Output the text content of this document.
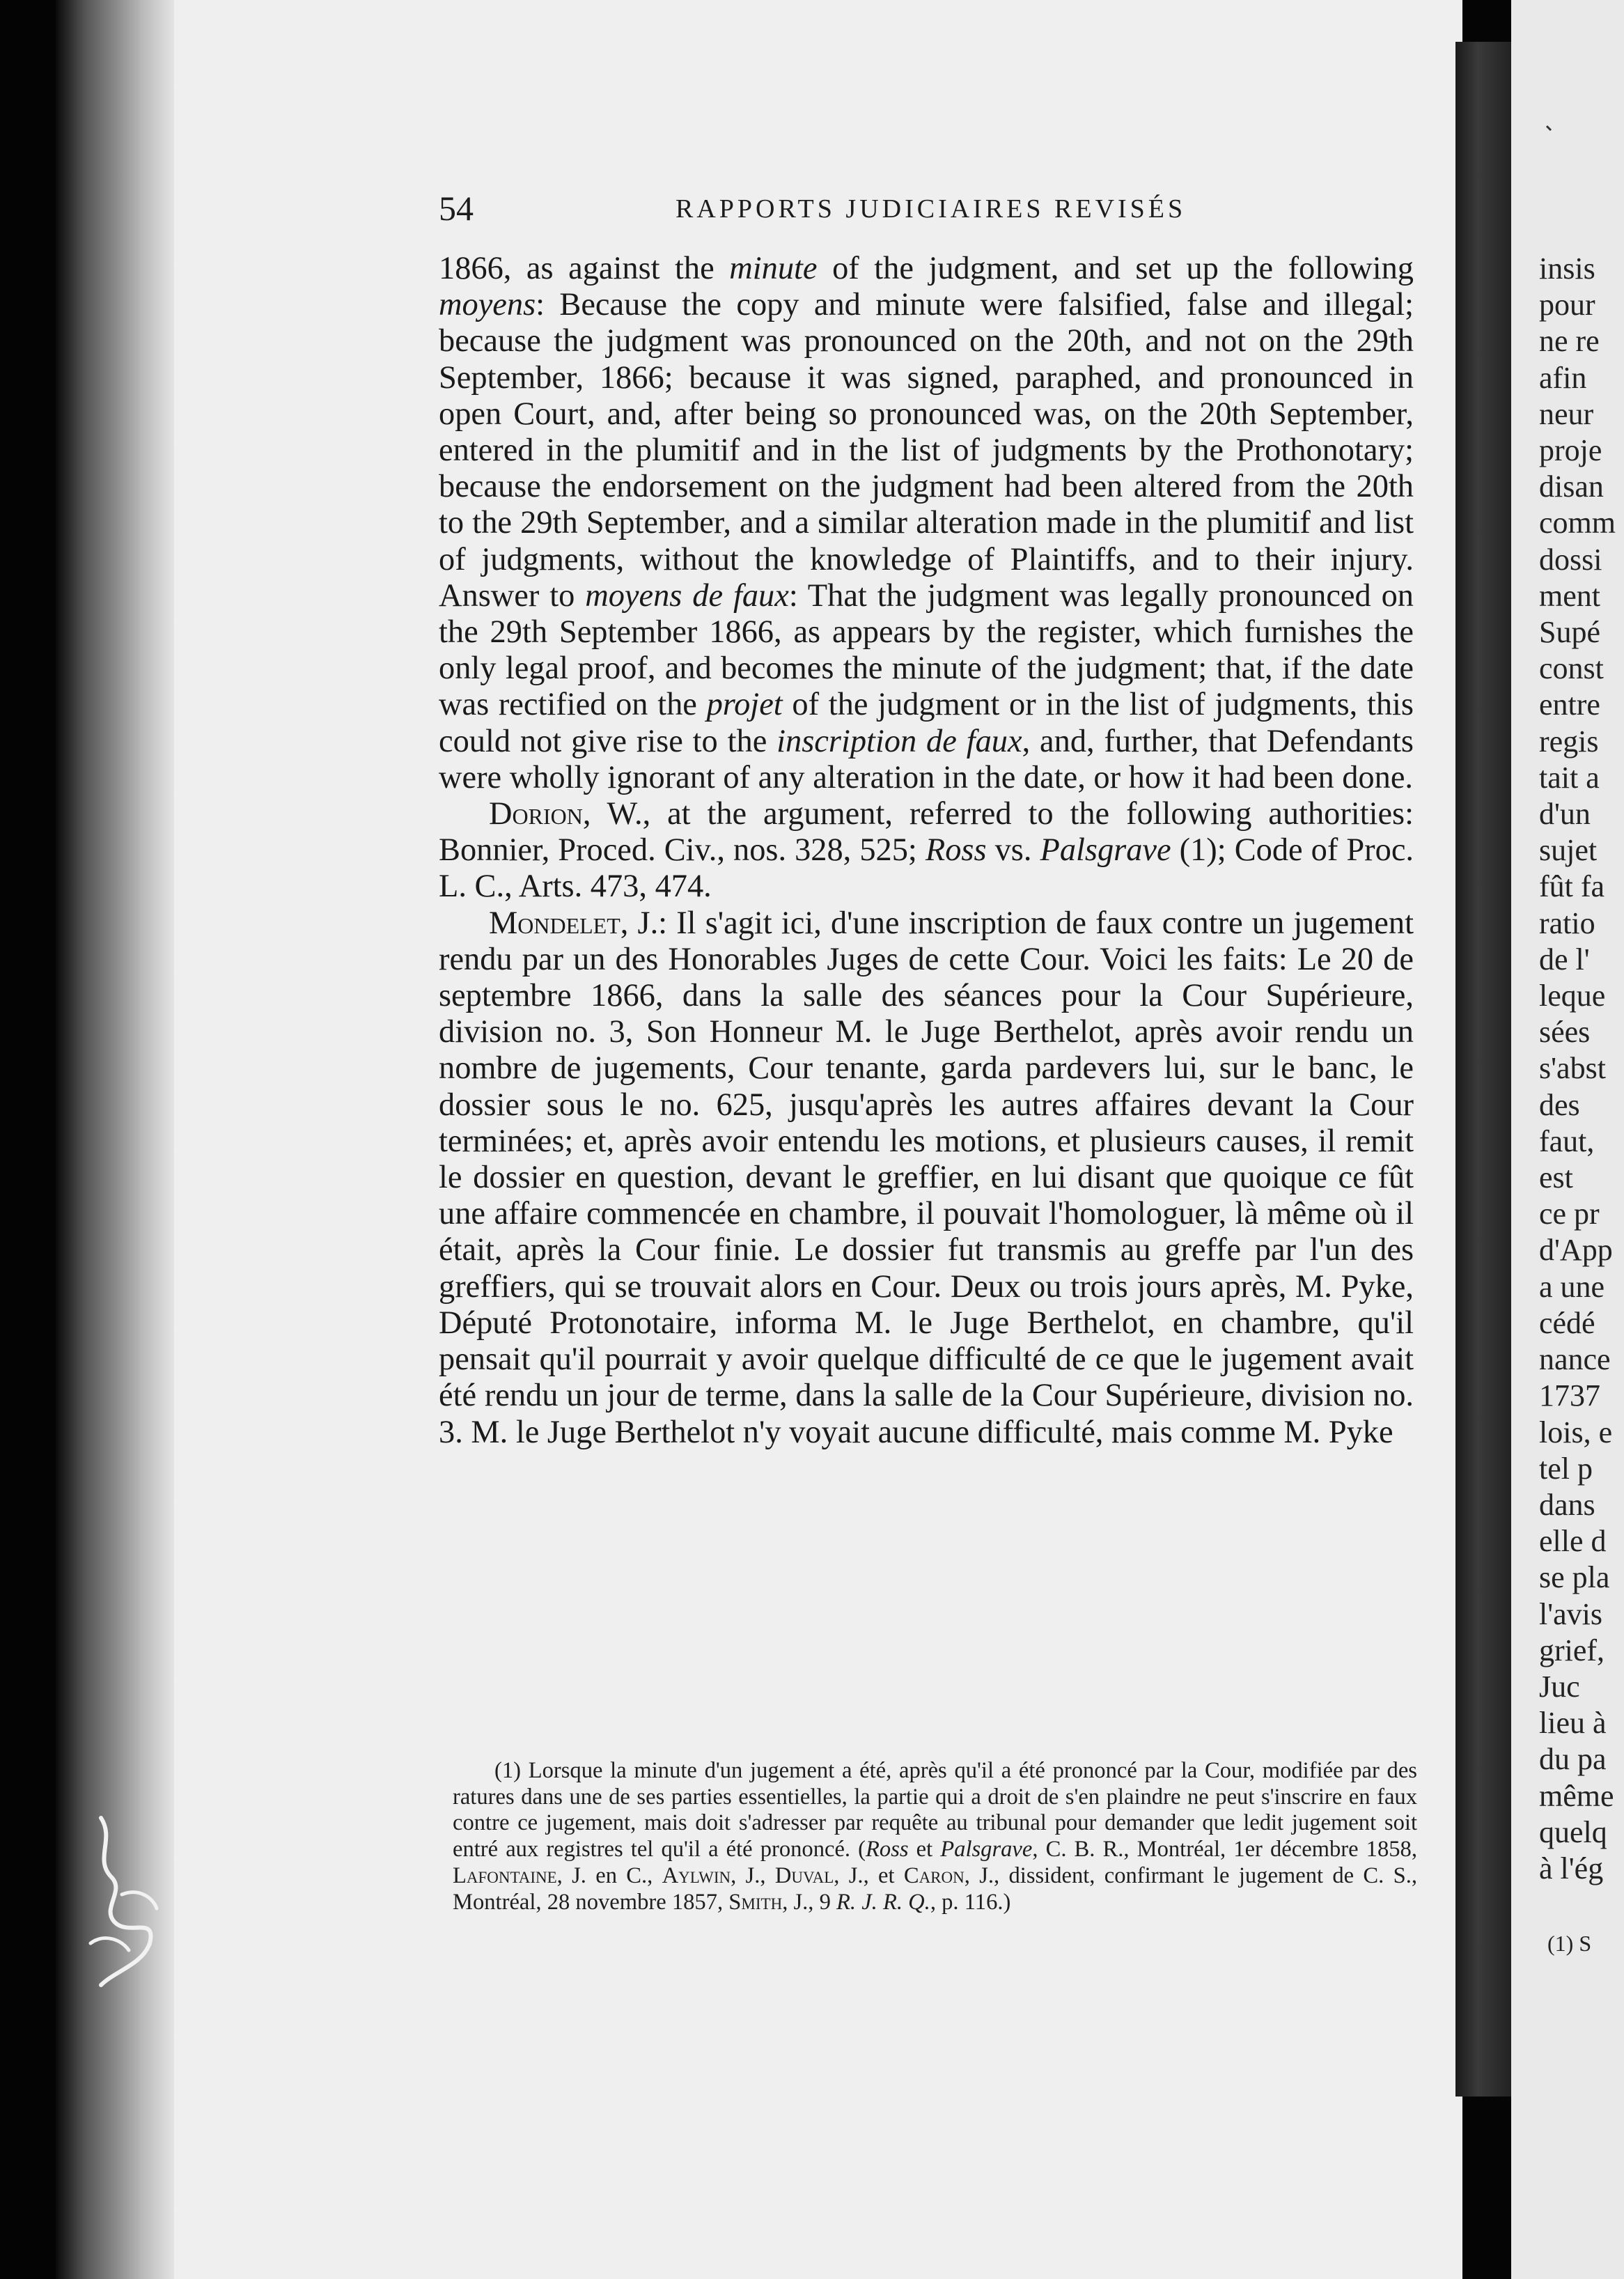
54	RAPPORTS JUDICIAIRES REVISÉS

1866, as against the minute of the judgment, and set up the following moyens: Because the copy and minute were falsified, false and illegal; because the judgment was pronounced on the 20th, and not on the 29th September, 1866; because it was signed, paraphed, and pronounced in open Court, and, after being so pronounced was, on the 20th September, entered in the plumitif and in the list of judgments by the Prothonotary; because the endorsement on the judgment had been altered from the 20th to the 29th September, and a similar alteration made in the plumitif and list of judgments, without the knowledge of Plaintiffs, and to their injury. Answer to moyens de faux: That the judgment was legally pronounced on the 29th September 1866, as appears by the register, which furnishes the only legal proof, and becomes the minute of the judgment; that, if the date was rectified on the projet of the judgment or in the list of judgments, this could not give rise to the inscription de faux, and, further, that Defendants were wholly ignorant of any alteration in the date, or how it had been done.

Dorion, W., at the argument, referred to the following authorities: Bonnier, Proced. Civ., nos. 328, 525; Ross vs. Palsgrave (1); Code of Proc. L. C., Arts. 473, 474.

Mondelet, J.: Il s'agit ici, d'une inscription de faux contre un jugement rendu par un des Honorables Juges de cette Cour. Voici les faits: Le 20 de septembre 1866, dans la salle des séances pour la Cour Supérieure, division no. 3, Son Honneur M. le Juge Berthelot, après avoir rendu un nombre de jugements, Cour tenante, garda pardevers lui, sur le banc, le dossier sous le no. 625, jusqu'après les autres affaires devant la Cour terminées; et, après avoir entendu les motions, et plusieurs causes, il remit le dossier en question, devant le greffier, en lui disant que quoique ce fût une affaire commencée en chambre, il pouvait l'homologuer, là même où il était, après la Cour finie. Le dossier fut transmis au greffe par l'un des greffiers, qui se trouvait alors en Cour. Deux ou trois jours après, M. Pyke, Député Protonotaire, informa M. le Juge Berthelot, en chambre, qu'il pensait qu'il pourrait y avoir quelque difficulté de ce que le jugement avait été rendu un jour de terme, dans la salle de la Cour Supérieure, division no. 3. M. le Juge Berthelot n'y voyait aucune difficulté, mais comme M. Pyke

(1) Lorsque la minute d'un jugement a été, après qu'il a été prononcé par la Cour, modifiée par des ratures dans une de ses parties essentielles, la partie qui a droit de s'en plaindre ne peut s'inscrire en faux contre ce jugement, mais doit s'adresser par requête au tribunal pour demander que ledit jugement soit entré aux registres tel qu'il a été prononcé. (Ross et Palsgrave, C. B. R., Montréal, 1er décembre 1858, Lafontaine, J. en C., Aylwin, J., Duval, J., et Caron, J., dissident, confirmant le jugement de C. S., Montréal, 28 novembre 1857, Smith, J., 9 R. J. R. Q., p. 116.)
insis
pour
ne re
afin
neur
proje
disan
comm
dossi
ment
Supé
const
entre
regis
tait a
d'un
sujet
fût fa
ratio
de l'
leque
sées
s'abst
des
faut,
est
ce pr
d'App
a une
cédé
nance
1737
lois, e
tel p
dans
elle d
se pla
l'avis
grief,
Juc
lieu à
du pa
même
quelq
à l'ég
(1) S
